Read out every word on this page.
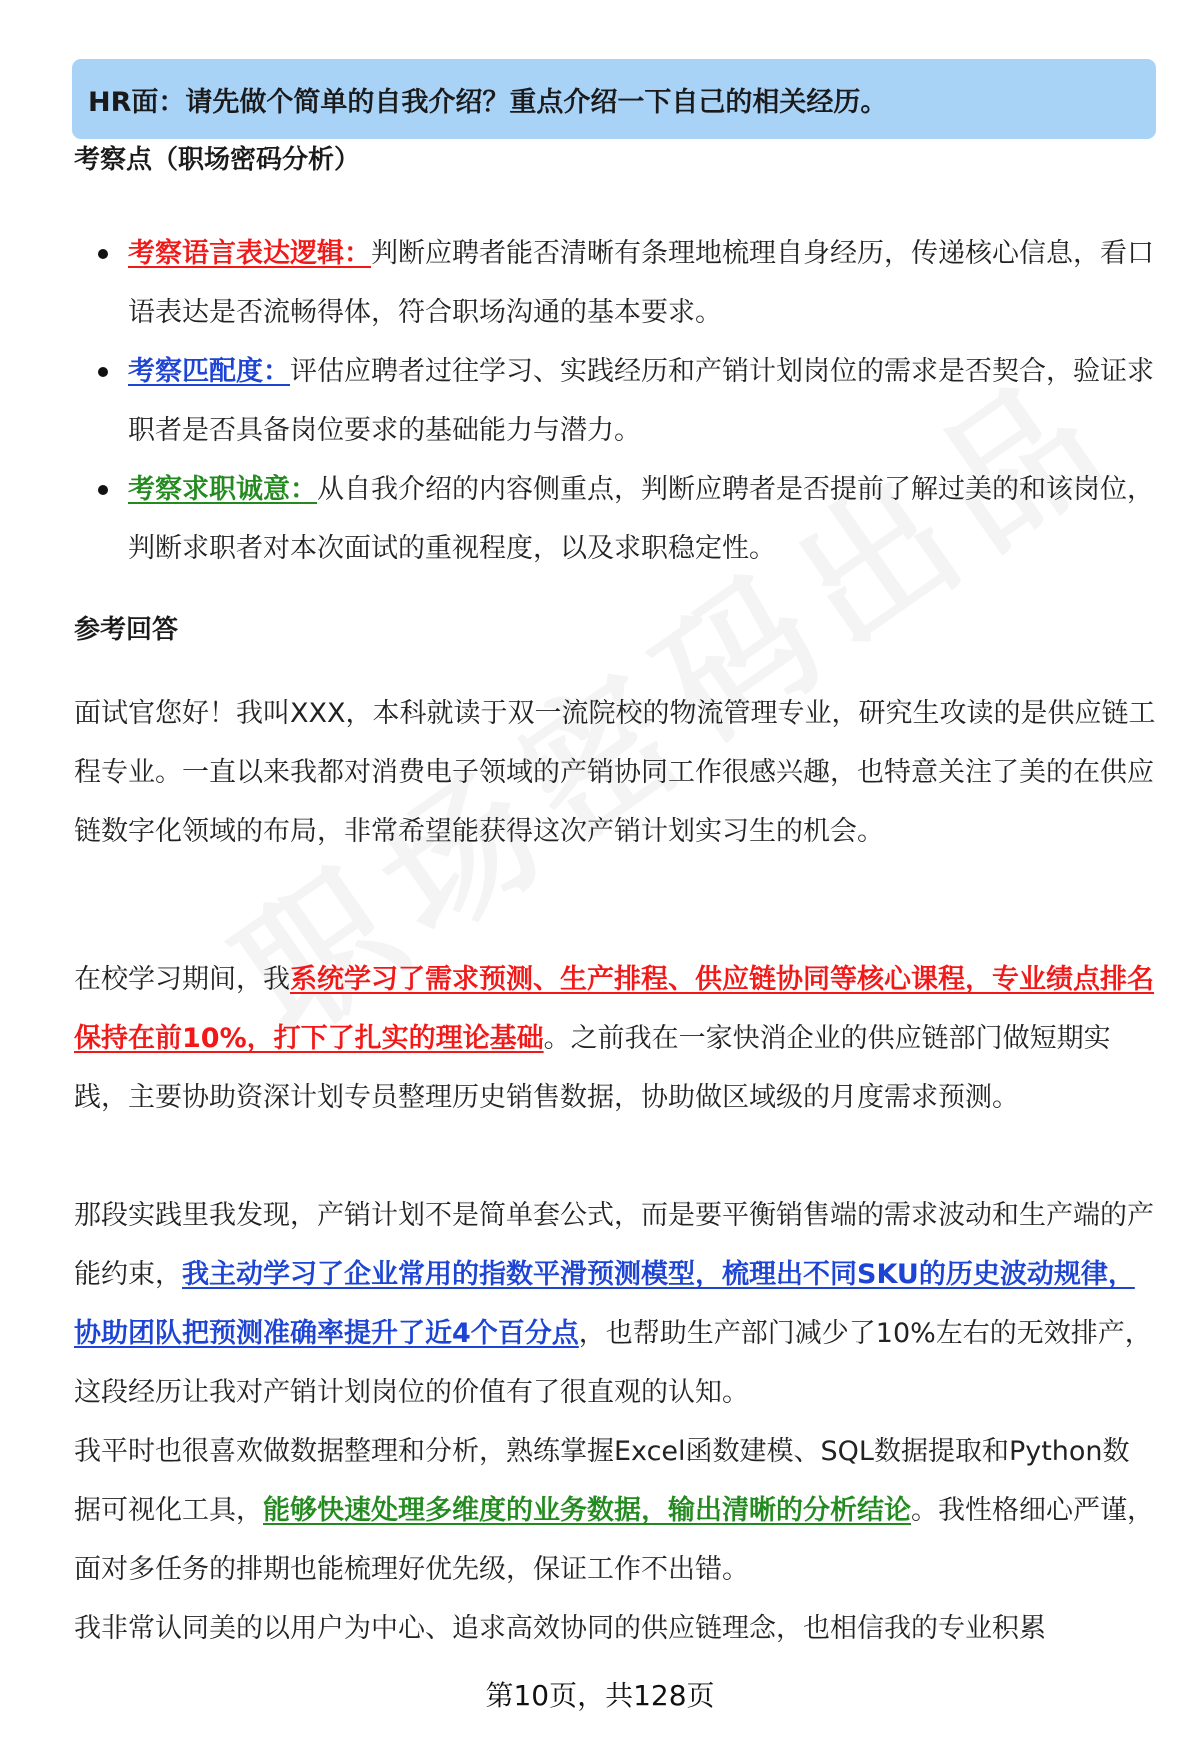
HR面：请先做个简单的自我介绍？重点介绍一下自己的相关经历。
考察点（职场密码分析）
考察语言表达逻辑：判断应聘者能否清晰有条理地梳理自身经历，传递核心信息，看口语表达是否流畅得体，符合职场沟通的基本要求。
考察匹配度：评估应聘者过往学习、实践经历和产销计划岗位的需求是否契合，验证求职者是否具备岗位要求的基础能力与潜力。
考察求职诚意：从自我介绍的内容侧重点，判断应聘者是否提前了解过美的和该岗位，判断求职者对本次面试的重视程度，以及求职稳定性。
参考回答

面试官您好！我叫XXX，本科就读于双一流院校的物流管理专业，研究生攻读的是供应链工程专业。一直以来我都对消费电子领域的产销协同工作很感兴趣，也特意关注了美的在供应链数字化领域的布局，非常希望能获得这次产销计划实习生的机会。

在校学习期间，我系统学习了需求预测、生产排程、供应链协同等核心课程，专业绩点排名保持在前10%，打下了扎实的理论基础。之前我在一家快消企业的供应链部门做短期实践，主要协助资深计划专员整理历史销售数据，协助做区域级的月度需求预测。

那段实践里我发现，产销计划不是简单套公式，而是要平衡销售端的需求波动和生产端的产能约束，我主动学习了企业常用的指数平滑预测模型，梳理出不同SKU的历史波动规律，协助团队把预测准确率提升了近4个百分点，也帮助生产部门减少了10%左右的无效排产，这段经历让我对产销计划岗位的价值有了很直观的认知。

我平时也很喜欢做数据整理和分析，熟练掌握Excel函数建模、SQL数据提取和Python数据可视化工具，能够快速处理多维度的业务数据，输出清晰的分析结论。我性格细心严谨，面对多任务的排期也能梳理好优先级，保证工作不出错。

我非常认同美的以用户为中心、追求高效协同的供应链理念，也相信我的专业积累

第10页，共128页
